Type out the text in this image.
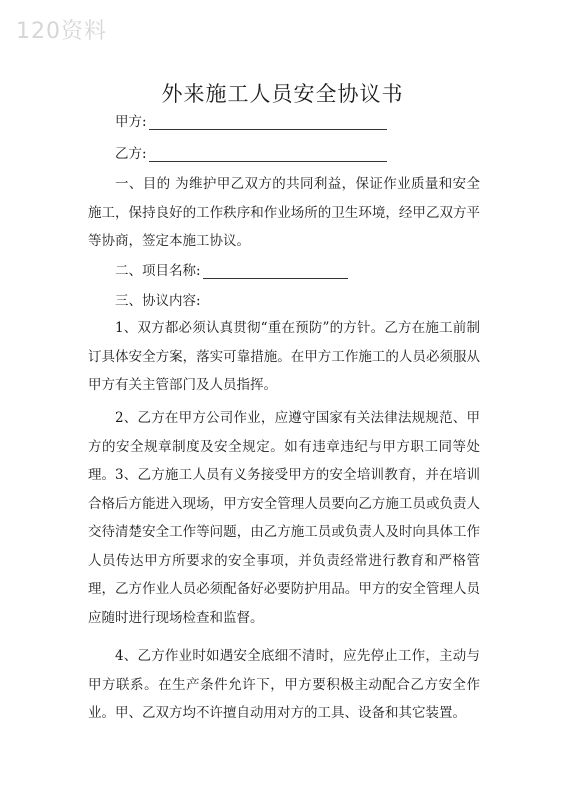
120资料
外来施工人员安全协议书
甲方:
乙方:
一、目的 为维护甲乙双方的共同利益，保证作业质量和安全施工，保持良好的工作秩序和作业场所的卫生环境，经甲乙双方平等协商，签定本施工协议。
二、项目名称:
三、协议内容:
1、双方都必须认真贯彻“重在预防”的方针。乙方在施工前制订具体安全方案，落实可靠措施。在甲方工作施工的人员必须服从甲方有关主管部门及人员指挥。
2、乙方在甲方公司作业，应遵守国家有关法律法规规范、甲方的安全规章制度及安全规定。如有违章违纪与甲方职工同等处理。 3、乙方施工人员有义务接受甲方的安全培训教育，并在培训合格后方能进入现场，甲方安全管理人员要向乙方施工员或负责人交待清楚安全工作等问题，由乙方施工员或负责人及时向具体工作人员传达甲方所要求的安全事项，并负责经常进行教育和严格管理，乙方作业人员必须配备好必要防护用品。甲方的安全管理人员应随时进行现场检查和监督。
4、乙方作业时如遇安全底细不清时，应先停止工作，主动与甲方联系。在生产条件允许下，甲方要积极主动配合乙方安全作业。甲、乙双方均不许擅自动用对方的工具、设备和其它装置。
